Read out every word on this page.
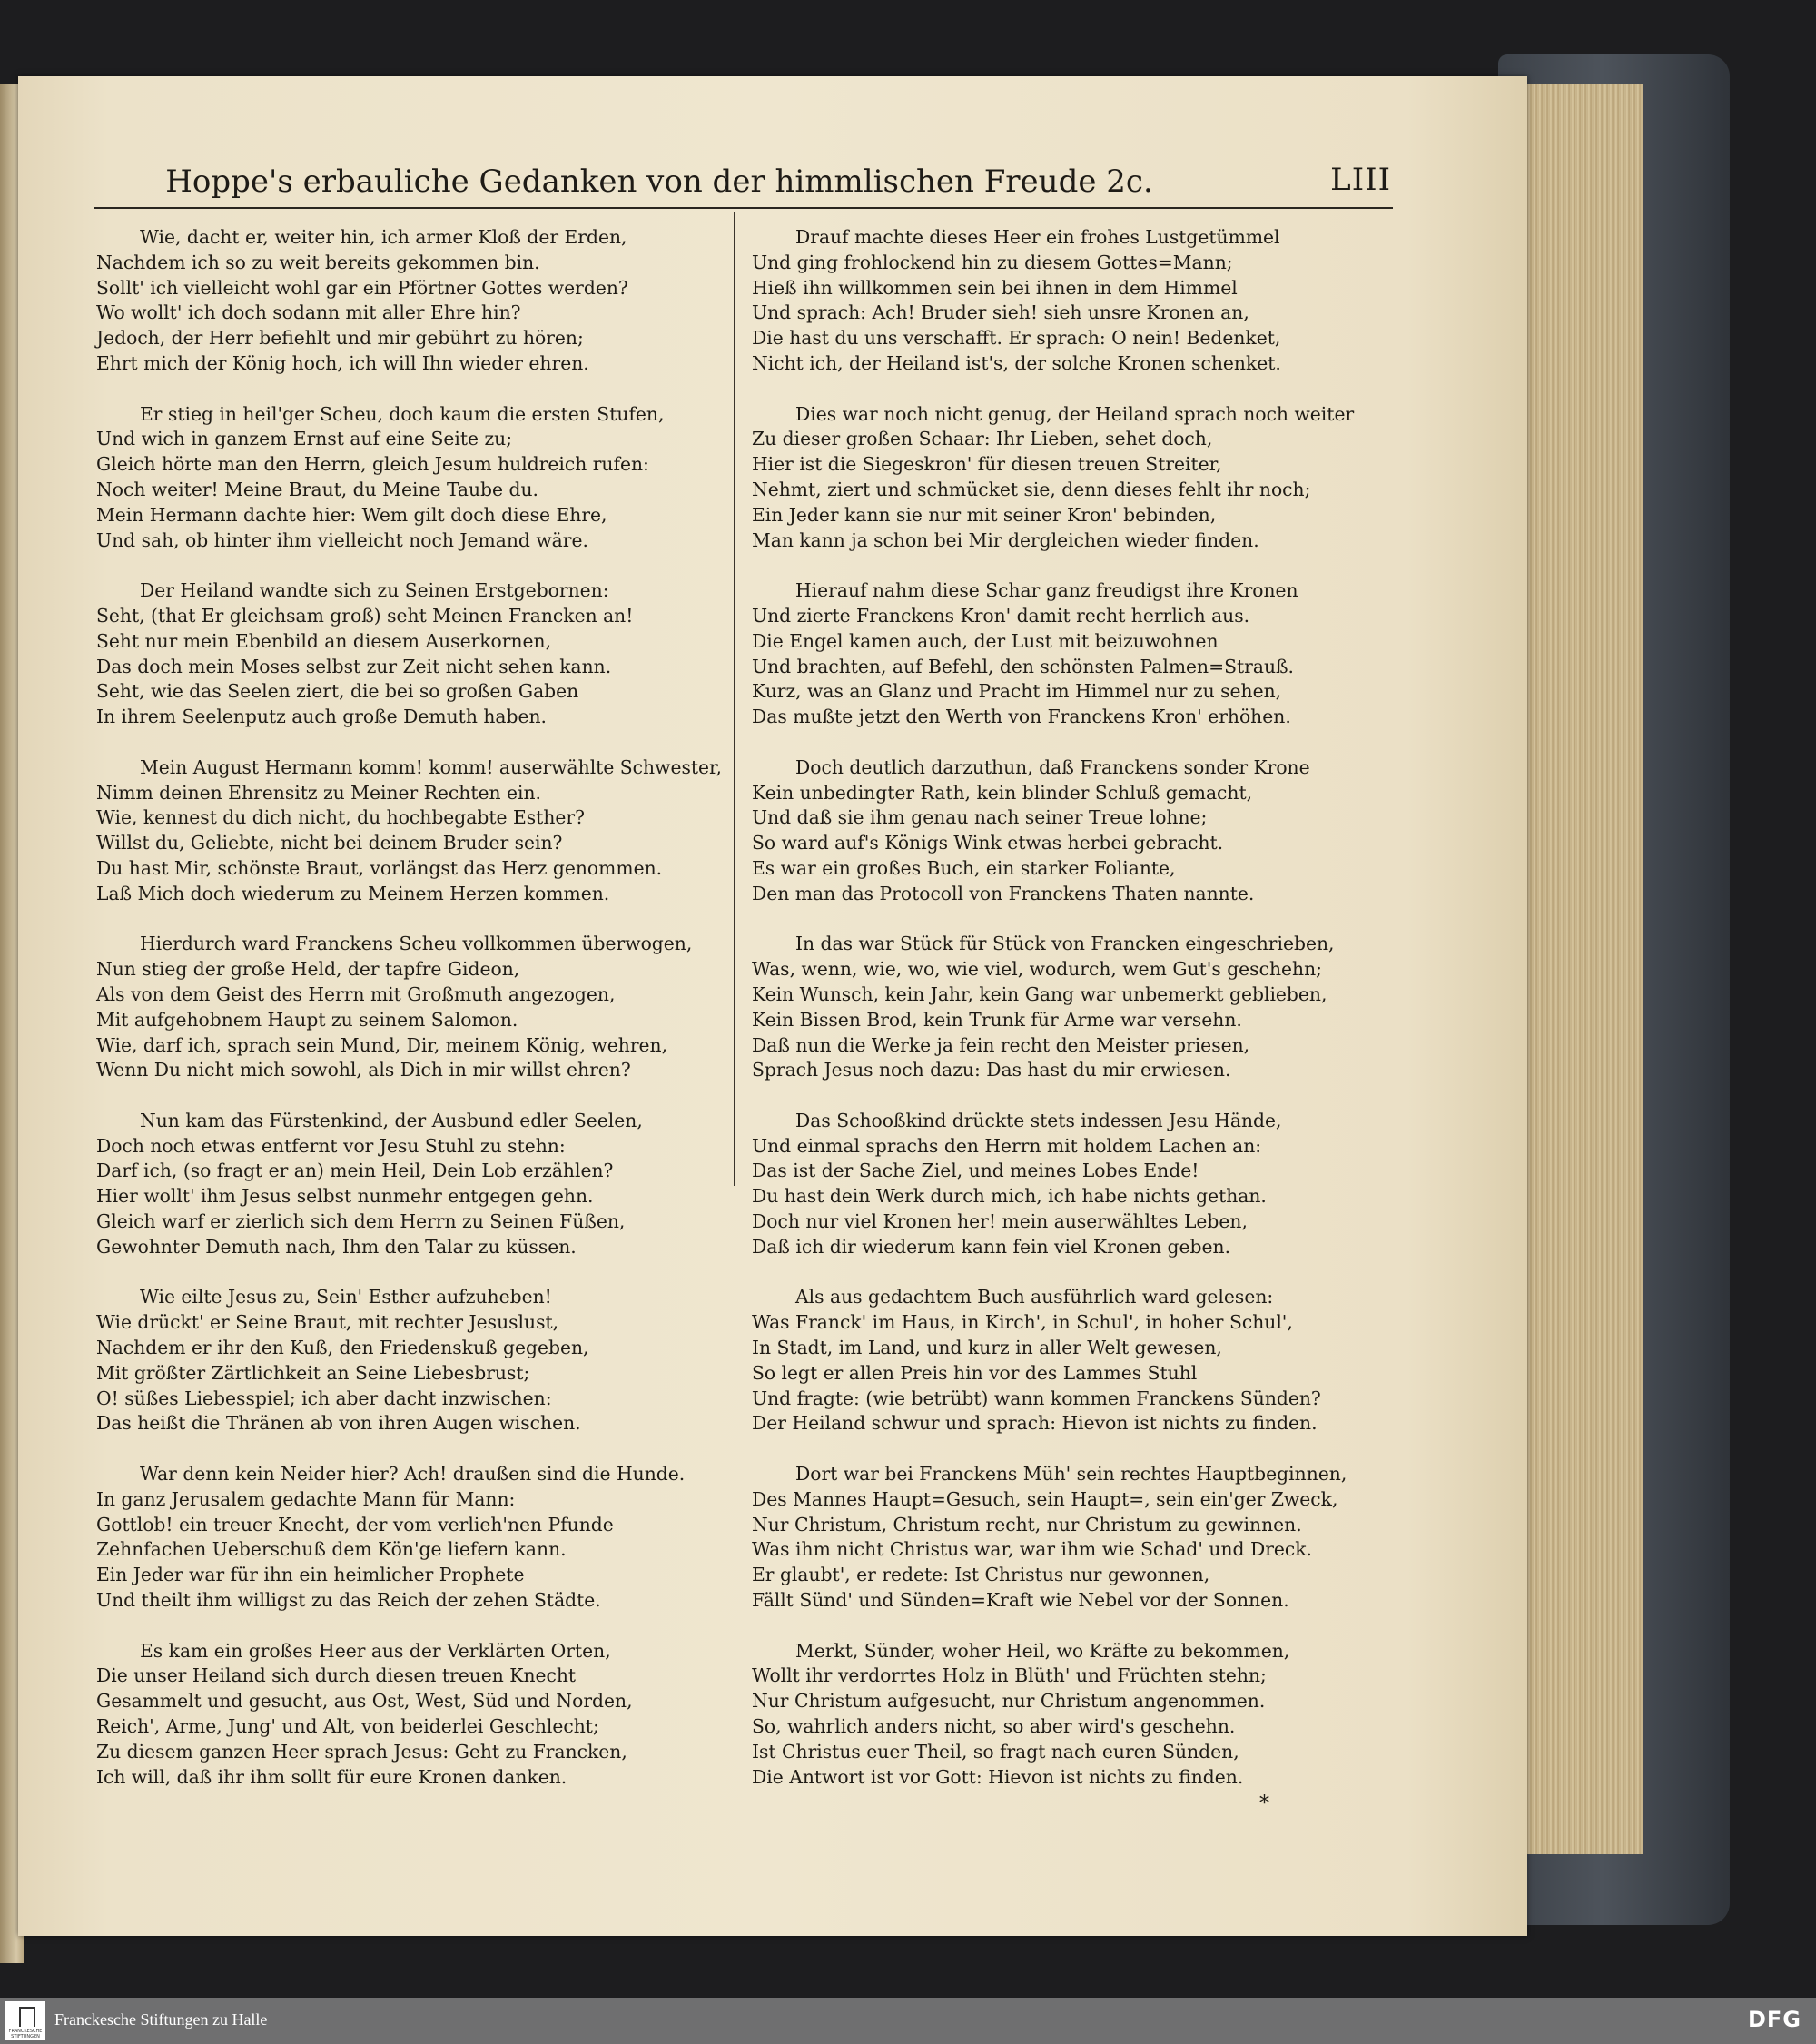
Hoppe's erbauliche Gedanken von der himmlischen Freude 2c.	LIII
Wie, dacht er, weiter hin, ich armer Kloß der Erden,
Nachdem ich so zu weit bereits gekommen bin.
Sollt' ich vielleicht wohl gar ein Pförtner Gottes werden?
Wo wollt' ich doch sodann mit aller Ehre hin?
Jedoch, der Herr befiehlt und mir gebührt zu hören;
Ehrt mich der König hoch, ich will Ihn wieder ehren.
Er stieg in heil'ger Scheu, doch kaum die ersten Stufen,
Und wich in ganzem Ernst auf eine Seite zu;
Gleich hörte man den Herrn, gleich Jesum huldreich rufen:
Noch weiter! Meine Braut, du Meine Taube du.
Mein Hermann dachte hier: Wem gilt doch diese Ehre,
Und sah, ob hinter ihm vielleicht noch Jemand wäre.
Der Heiland wandte sich zu Seinen Erstgebornen:
Seht, (that Er gleichsam groß) seht Meinen Francken an!
Seht nur mein Ebenbild an diesem Auserkornen,
Das doch mein Moses selbst zur Zeit nicht sehen kann.
Seht, wie das Seelen ziert, die bei so großen Gaben
In ihrem Seelenputz auch große Demuth haben.
Mein August Hermann komm! komm! auserwählte Schwester,
Nimm deinen Ehrensitz zu Meiner Rechten ein.
Wie, kennest du dich nicht, du hochbegabte Esther?
Willst du, Geliebte, nicht bei deinem Bruder sein?
Du hast Mir, schönste Braut, vorlängst das Herz genommen.
Laß Mich doch wiederum zu Meinem Herzen kommen.
Hierdurch ward Franckens Scheu vollkommen überwogen,
Nun stieg der große Held, der tapfre Gideon,
Als von dem Geist des Herrn mit Großmuth angezogen,
Mit aufgehobnem Haupt zu seinem Salomon.
Wie, darf ich, sprach sein Mund, Dir, meinem König, wehren,
Wenn Du nicht mich sowohl, als Dich in mir willst ehren?
Nun kam das Fürstenkind, der Ausbund edler Seelen,
Doch noch etwas entfernt vor Jesu Stuhl zu stehn:
Darf ich, (so fragt er an) mein Heil, Dein Lob erzählen?
Hier wollt' ihm Jesus selbst nunmehr entgegen gehn.
Gleich warf er zierlich sich dem Herrn zu Seinen Füßen,
Gewohnter Demuth nach, Ihm den Talar zu küssen.
Wie eilte Jesus zu, Sein' Esther aufzuheben!
Wie drückt' er Seine Braut, mit rechter Jesuslust,
Nachdem er ihr den Kuß, den Friedenskuß gegeben,
Mit größter Zärtlichkeit an Seine Liebesbrust;
O! süßes Liebesspiel; ich aber dacht inzwischen:
Das heißt die Thränen ab von ihren Augen wischen.
War denn kein Neider hier? Ach! draußen sind die Hunde.
In ganz Jerusalem gedachte Mann für Mann:
Gottlob! ein treuer Knecht, der vom verlieh'nen Pfunde
Zehnfachen Ueberschuß dem Kön'ge liefern kann.
Ein Jeder war für ihn ein heimlicher Prophete
Und theilt ihm willigst zu das Reich der zehen Städte.
Es kam ein großes Heer aus der Verklärten Orten,
Die unser Heiland sich durch diesen treuen Knecht
Gesammelt und gesucht, aus Ost, West, Süd und Norden,
Reich', Arme, Jung' und Alt, von beiderlei Geschlecht;
Zu diesem ganzen Heer sprach Jesus: Geht zu Francken,
Ich will, daß ihr ihm sollt für eure Kronen danken.
Drauf machte dieses Heer ein frohes Lustgetümmel
Und ging frohlockend hin zu diesem Gottes=Mann;
Hieß ihn willkommen sein bei ihnen in dem Himmel
Und sprach: Ach! Bruder sieh! sieh unsre Kronen an,
Die hast du uns verschafft. Er sprach: O nein! Bedenket,
Nicht ich, der Heiland ist's, der solche Kronen schenket.
Dies war noch nicht genug, der Heiland sprach noch weiter
Zu dieser großen Schaar: Ihr Lieben, sehet doch,
Hier ist die Siegeskron' für diesen treuen Streiter,
Nehmt, ziert und schmücket sie, denn dieses fehlt ihr noch;
Ein Jeder kann sie nur mit seiner Kron' bebinden,
Man kann ja schon bei Mir dergleichen wieder finden.
Hierauf nahm diese Schar ganz freudigst ihre Kronen
Und zierte Franckens Kron' damit recht herrlich aus.
Die Engel kamen auch, der Lust mit beizuwohnen
Und brachten, auf Befehl, den schönsten Palmen=Strauß.
Kurz, was an Glanz und Pracht im Himmel nur zu sehen,
Das mußte jetzt den Werth von Franckens Kron' erhöhen.
Doch deutlich darzuthun, daß Franckens sonder Krone
Kein unbedingter Rath, kein blinder Schluß gemacht,
Und daß sie ihm genau nach seiner Treue lohne;
So ward auf's Königs Wink etwas herbei gebracht.
Es war ein großes Buch, ein starker Foliante,
Den man das Protocoll von Franckens Thaten nannte.
In das war Stück für Stück von Francken eingeschrieben,
Was, wenn, wie, wo, wie viel, wodurch, wem Gut's geschehn;
Kein Wunsch, kein Jahr, kein Gang war unbemerkt geblieben,
Kein Bissen Brod, kein Trunk für Arme war versehn.
Daß nun die Werke ja fein recht den Meister priesen,
Sprach Jesus noch dazu: Das hast du mir erwiesen.
Das Schooßkind drückte stets indessen Jesu Hände,
Und einmal sprachs den Herrn mit holdem Lachen an:
Das ist der Sache Ziel, und meines Lobes Ende!
Du hast dein Werk durch mich, ich habe nichts gethan.
Doch nur viel Kronen her! mein auserwähltes Leben,
Daß ich dir wiederum kann fein viel Kronen geben.
Als aus gedachtem Buch ausführlich ward gelesen:
Was Franck' im Haus, in Kirch', in Schul', in hoher Schul',
In Stadt, im Land, und kurz in aller Welt gewesen,
So legt er allen Preis hin vor des Lammes Stuhl
Und fragte: (wie betrübt) wann kommen Franckens Sünden?
Der Heiland schwur und sprach: Hievon ist nichts zu finden.
Dort war bei Franckens Müh' sein rechtes Hauptbeginnen,
Des Mannes Haupt=Gesuch, sein Haupt=, sein ein'ger Zweck,
Nur Christum, Christum recht, nur Christum zu gewinnen.
Was ihm nicht Christus war, war ihm wie Schad' und Dreck.
Er glaubt', er redete: Ist Christus nur gewonnen,
Fällt Sünd' und Sünden=Kraft wie Nebel vor der Sonnen.
Merkt, Sünder, woher Heil, wo Kräfte zu bekommen,
Wollt ihr verdorrtes Holz in Blüth' und Früchten stehn;
Nur Christum aufgesucht, nur Christum angenommen.
So, wahrlich anders nicht, so aber wird's geschehn.
Ist Christus euer Theil, so fragt nach euren Sünden,
Die Antwort ist vor Gott: Hievon ist nichts zu finden.
*
FRANCKESCHE STIFTUNGEN
Franckesche Stiftungen zu Halle	DFG
